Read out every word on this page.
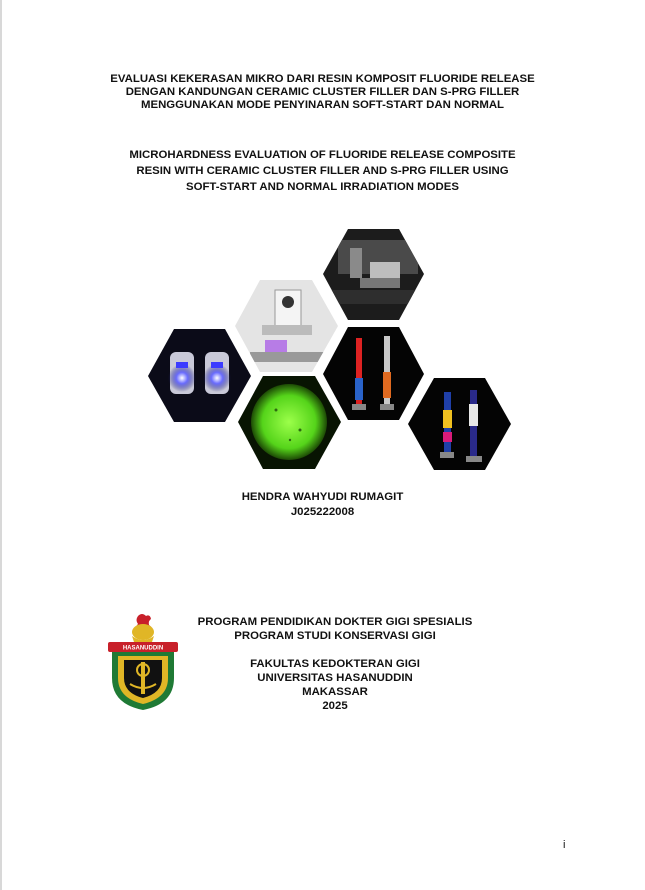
EVALUASI KEKERASAN MIKRO DARI RESIN KOMPOSIT FLUORIDE RELEASE
DENGAN KANDUNGAN CERAMIC CLUSTER FILLER DAN S-PRG FILLER
MENGGUNAKAN MODE PENYINARAN SOFT-START DAN NORMAL
MICROHARDNESS EVALUATION OF FLUORIDE RELEASE COMPOSITE
RESIN WITH CERAMIC CLUSTER FILLER AND S-PRG FILLER USING
SOFT-START AND NORMAL IRRADIATION MODES
HENDRA WAHYUDI RUMAGIT
J025222008
HASANUDDIN
PROGRAM PENDIDIKAN DOKTER GIGI SPESIALIS
PROGRAM STUDI KONSERVASI GIGI
FAKULTAS KEDOKTERAN GIGI
UNIVERSITAS HASANUDDIN
MAKASSAR
2025
i
